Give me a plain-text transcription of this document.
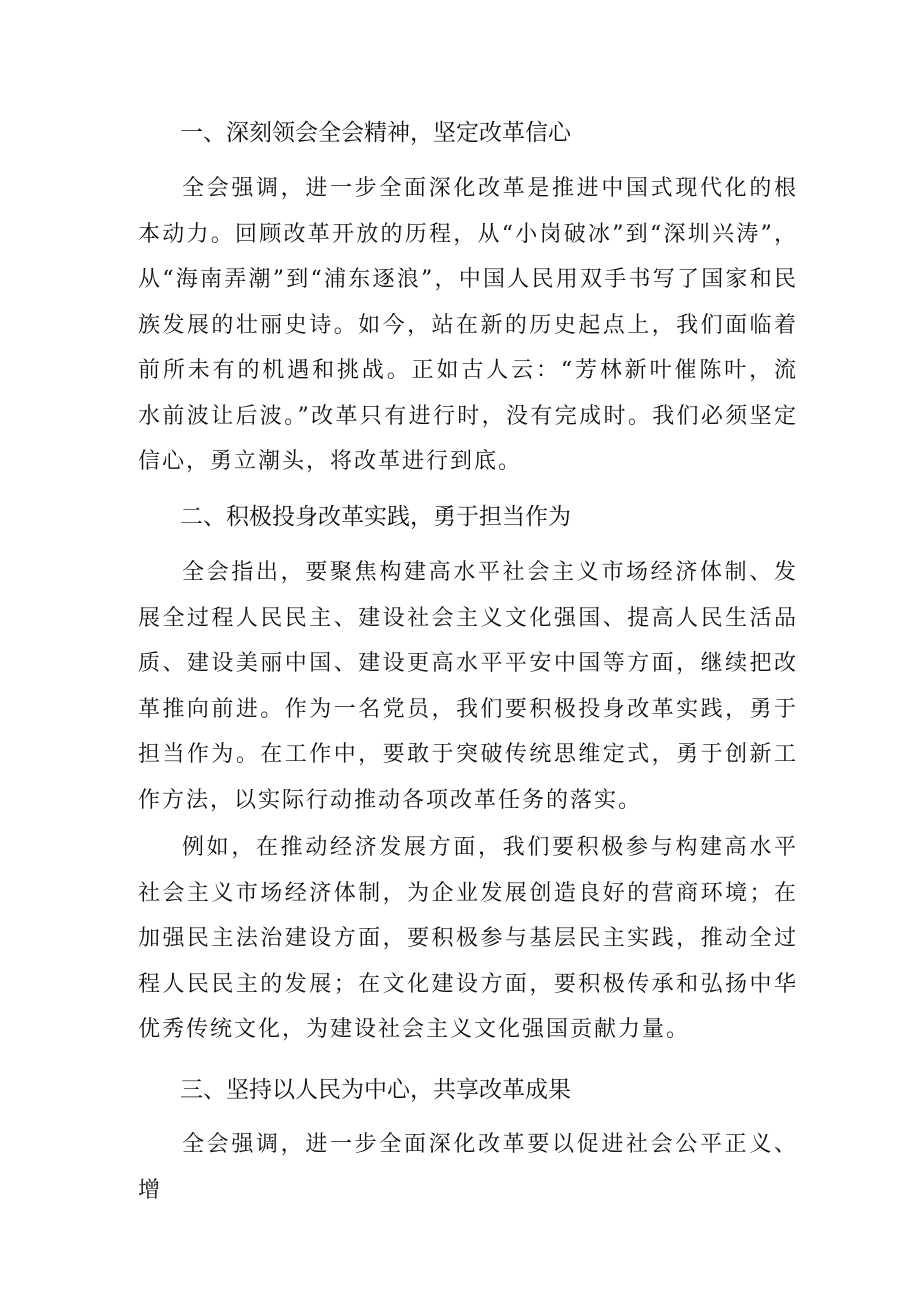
一、深刻领会全会精神，坚定改革信心

全会强调，进一步全面深化改革是推进中国式现代化的根本动力。回顾改革开放的历程，从“小岗破冰”到“深圳兴涛”，从“海南弄潮”到“浦东逐浪”，中国人民用双手书写了国家和民族发展的壮丽史诗。如今，站在新的历史起点上，我们面临着前所未有的机遇和挑战。正如古人云：“芳林新叶催陈叶，流水前波让后波。”改革只有进行时，没有完成时。我们必须坚定信心，勇立潮头，将改革进行到底。

二、积极投身改革实践，勇于担当作为

全会指出，要聚焦构建高水平社会主义市场经济体制、发展全过程人民民主、建设社会主义文化强国、提高人民生活品质、建设美丽中国、建设更高水平平安中国等方面，继续把改革推向前进。作为一名党员，我们要积极投身改革实践，勇于担当作为。在工作中，要敢于突破传统思维定式，勇于创新工作方法，以实际行动推动各项改革任务的落实。

例如，在推动经济发展方面，我们要积极参与构建高水平社会主义市场经济体制，为企业发展创造良好的营商环境；在加强民主法治建设方面，要积极参与基层民主实践，推动全过程人民民主的发展；在文化建设方面，要积极传承和弘扬中华优秀传统文化，为建设社会主义文化强国贡献力量。

三、坚持以人民为中心，共享改革成果

全会强调，进一步全面深化改革要以促进社会公平正义、增
